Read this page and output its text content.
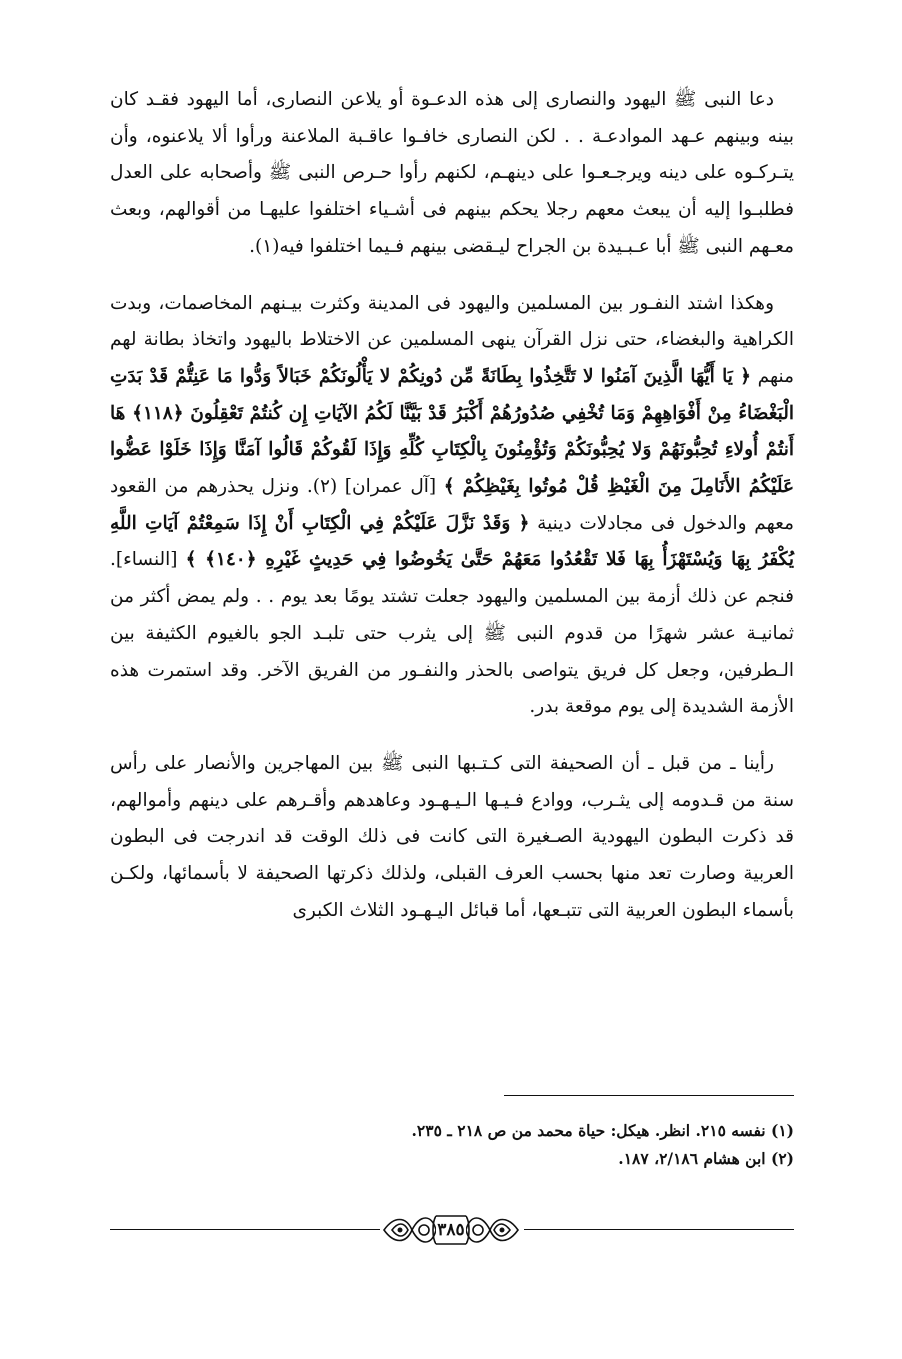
دعا النبى ﷺ اليهود والنصارى إلى هذه الدعـوة أو يلاعن النصارى، أما اليهود فقـد كان بينه وبينهم عـهد الموادعـة . . لكن النصارى خافـوا عاقـبة الملاعنة ورأوا ألا يلاعنوه، وأن يتـركـوه على دينه ويرجـعـوا على دينهـم، لكنهم رأوا حـرص النبى ﷺ وأصحابه على العدل فطلبـوا إليه أن يبعث معهم رجلا يحكم بينهم فى أشـياء اختلفوا عليهـا من أقوالهم، وبعث معـهم النبى ﷺ أبا عـبـيدة بن الجراح ليـقضى بينهم فـيما اختلفوا فيه(١).

وهكذا اشتد النفـور بين المسلمين واليهود فى المدينة وكثرت بيـنهم المخاصمات، وبدت الكراهية والبغضاء، حتى نزل القرآن ينهى المسلمين عن الاختلاط باليهود واتخاذ بطانة لهم منهم ﴿ يَا أَيُّهَا الَّذِينَ آمَنُوا لا تَتَّخِذُوا بِطَانَةً مِّن دُونِكُمْ لا يَأْلُونَكُمْ خَبَالاً وَدُّوا مَا عَنِتُّمْ قَدْ بَدَتِ الْبَغْضَاءُ مِنْ أَفْوَاهِهِمْ وَمَا تُخْفِي صُدُورُهُمْ أَكْبَرُ قَدْ بَيَّنَّا لَكُمُ الآيَاتِ إِن كُنتُمْ تَعْقِلُونَ ﴿١١٨﴾ هَا أَنتُمْ أُولاءِ تُحِبُّونَهُمْ وَلا يُحِبُّونَكُمْ وَتُؤْمِنُونَ بِالْكِتَابِ كُلِّهِ وَإِذَا لَقُوكُمْ قَالُوا آمَنَّا وَإِذَا خَلَوْا عَضُّوا عَلَيْكُمُ الأَنَامِلَ مِنَ الْغَيْظِ قُلْ مُوتُوا بِغَيْظِكُمْ ﴾ [آل عمران] (٢). ونزل يحذرهم من القعود معهم والدخول فى مجادلات دينية ﴿ وَقَدْ نَزَّلَ عَلَيْكُمْ فِي الْكِتَابِ أَنْ إِذَا سَمِعْتُمْ آيَاتِ اللَّهِ يُكْفَرُ بِهَا وَيُسْتَهْزَأُ بِهَا فَلا تَقْعُدُوا مَعَهُمْ حَتَّىٰ يَخُوضُوا فِي حَدِيثٍ غَيْرِهِ ﴿١٤٠﴾ ﴾ [النساء]. فنجم عن ذلك أزمة بين المسلمين واليهود جعلت تشتد يومًا بعد يوم . . ولم يمض أكثر من ثمانيـة عشر شهرًا من قدوم النبى ﷺ إلى يثرب حتى تلبـد الجو بالغيوم الكثيفة بين الـطرفين، وجعل كل فريق يتواصى بالحذر والنفـور من الفريق الآخر. وقد استمرت هذه الأزمة الشديدة إلى يوم موقعة بدر.

رأينا ـ من قبل ـ أن الصحيفة التى كـتـبها النبى ﷺ بين المهاجرين والأنصار على رأس سنة من قـدومه إلى يثـرب، ووادع فـيـها الـيـهـود وعاهدهم وأقـرهم على دينهم وأموالهم، قد ذكرت البطون اليهودية الصـغيرة التى كانت فى ذلك الوقت قد اندرجت فى البطون العربية وصارت تعد منها بحسب العرف القبلى، ولذلك ذكرتها الصحيفة لا بأسمائها، ولكـن بأسماء البطون العربية التى تتبـعها، أما قبائل اليـهـود الثلاث الكبرى

(١) نفسه ٢١٥. انظر. هيكل: حياة محمد من ص ٢١٨ ـ ٢٣٥.
(٢) ابن هشام ٢/١٨٦، ١٨٧.
٣٨٥
